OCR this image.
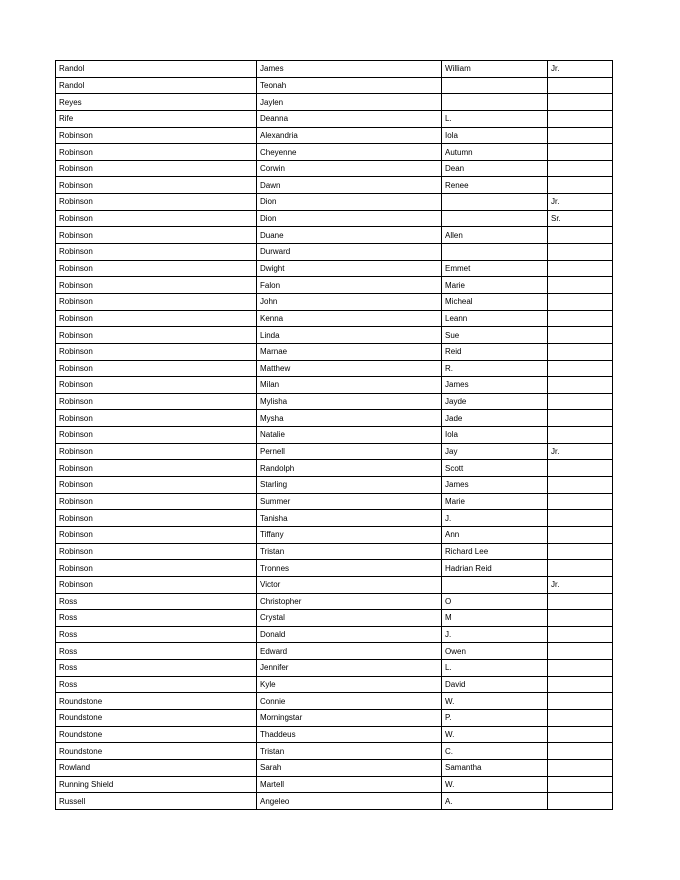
Randol	James	William	Jr.
Randol	Teonah		
Reyes	Jaylen		
Rife	Deanna	L.	
Robinson	Alexandria	Iola	
Robinson	Cheyenne	Autumn	
Robinson	Corwin	Dean	
Robinson	Dawn	Renee	
Robinson	Dion		Jr.
Robinson	Dion		Sr.
Robinson	Duane	Allen	
Robinson	Durward		
Robinson	Dwight	Emmet	
Robinson	Falon	Marie	
Robinson	John	Micheal	
Robinson	Kenna	Leann	
Robinson	Linda	Sue	
Robinson	Marnae	Reid	
Robinson	Matthew	R.	
Robinson	Milan	James	
Robinson	Mylisha	Jayde	
Robinson	Mysha	Jade	
Robinson	Natalie	Iola	
Robinson	Pernell	Jay	Jr.
Robinson	Randolph	Scott	
Robinson	Starling	James	
Robinson	Summer	Marie	
Robinson	Tanisha	J.	
Robinson	Tiffany	Ann	
Robinson	Tristan	Richard Lee	
Robinson	Tronnes	Hadrian Reid	
Robinson	Victor		Jr.
Ross	Christopher	O	
Ross	Crystal	M	
Ross	Donald	J.	
Ross	Edward	Owen	
Ross	Jennifer	L.	
Ross	Kyle	David	
Roundstone	Connie	W.	
Roundstone	Morningstar	P.	
Roundstone	Thaddeus	W.	
Roundstone	Tristan	C.	
Rowland	Sarah	Samantha	
Running Shield	Martell	W.	
Russell	Angeleo	A.	
